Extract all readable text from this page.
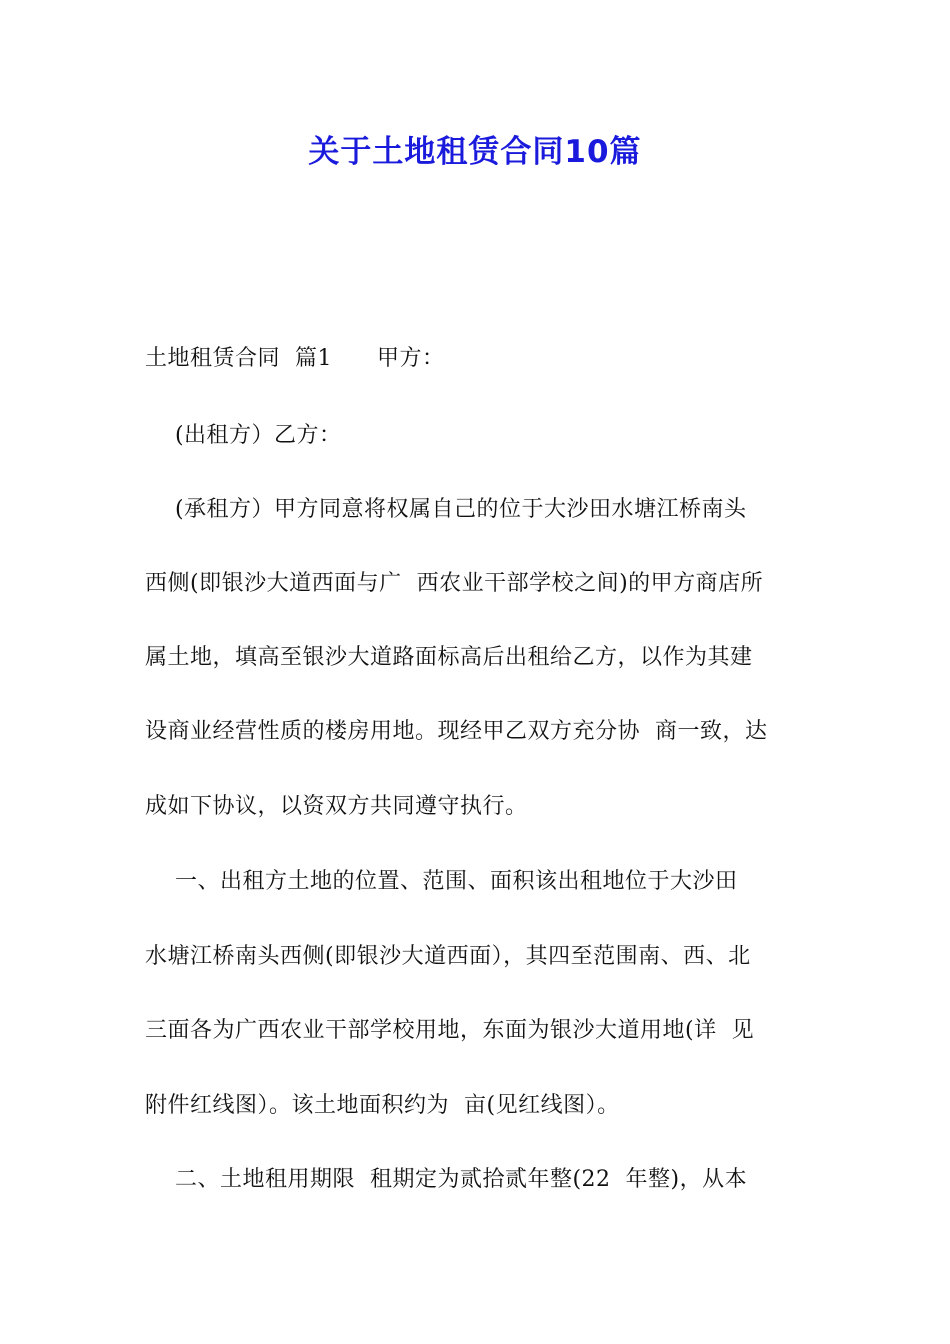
关于土地租赁合同10篇
土地租赁合同  篇1      甲方：
(出租方）乙方：
(承租方）甲方同意将权属自己的位于大沙田水塘江桥南头
西侧(即银沙大道西面与广  西农业干部学校之间)的甲方商店所
属土地，填高至银沙大道路面标高后出租给乙方，以作为其建
设商业经营性质的楼房用地。现经甲乙双方充分协  商一致，达
成如下协议，以资双方共同遵守执行。
一、出租方土地的位置、范围、面积该出租地位于大沙田
水塘江桥南头西侧(即银沙大道西面），其四至范围南、西、北
三面各为广西农业干部学校用地，东面为银沙大道用地(详  见
附件红线图）。该土地面积约为  亩(见红线图）。
二、土地租用期限  租期定为贰拾贰年整(22  年整)，从本
